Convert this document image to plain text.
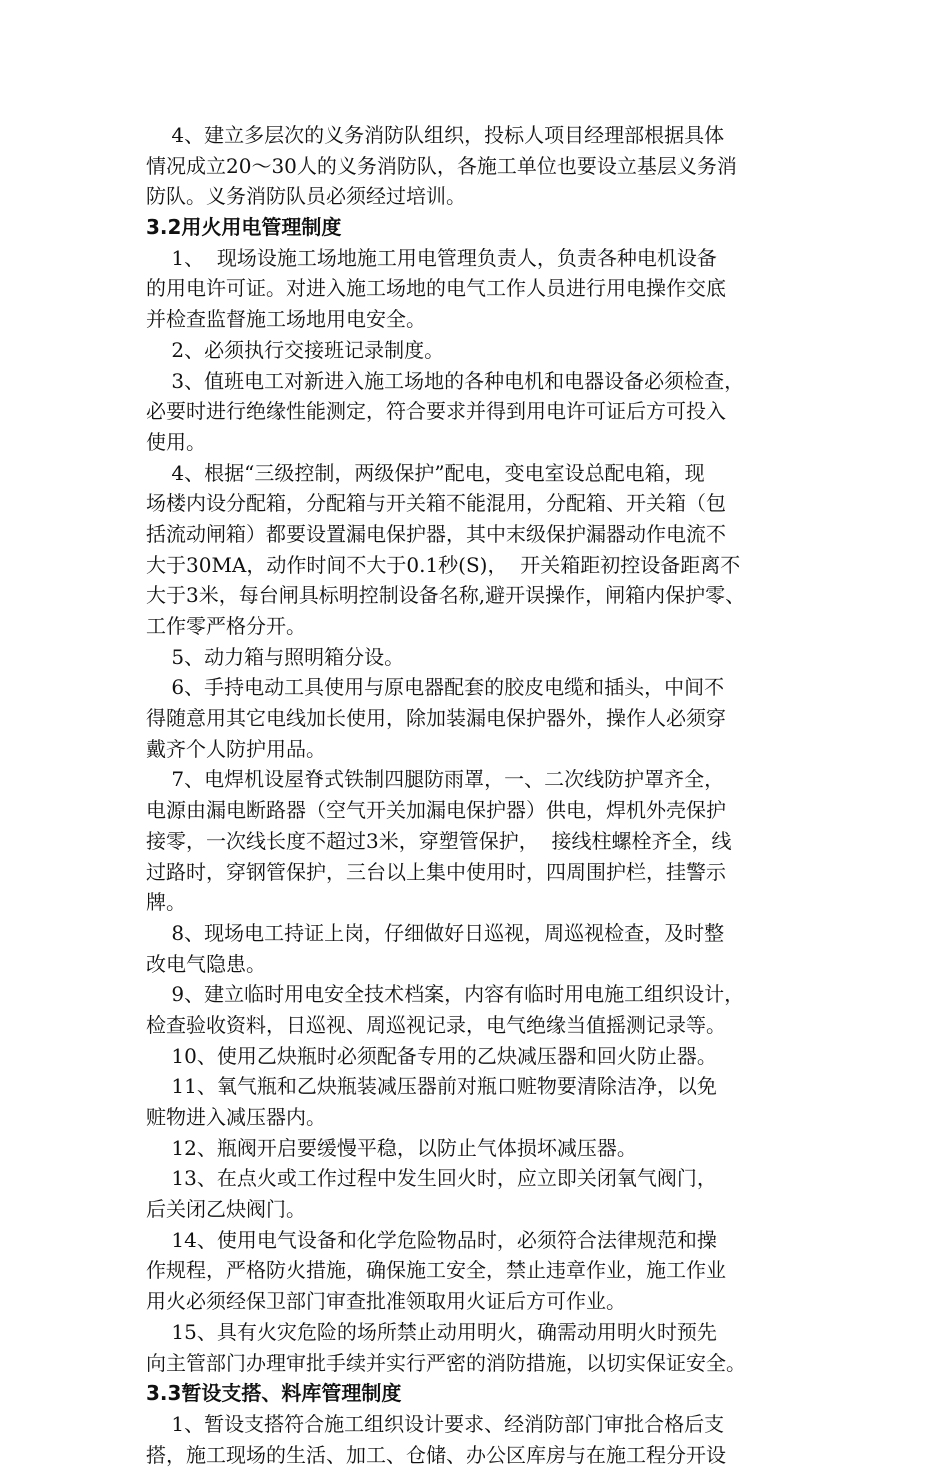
4、建立多层次的义务消防队组织，投标人项目经理部根据具体
情况成立20～30人的义务消防队，各施工单位也要设立基层义务消
防队。义务消防队员必须经过培训。
3.2用火用电管理制度
1、  现场设施工场地施工用电管理负责人，负责各种电机设备
的用电许可证。对进入施工场地的电气工作人员进行用电操作交底
并检查监督施工场地用电安全。
2、必须执行交接班记录制度。
3、值班电工对新进入施工场地的各种电机和电器设备必须检查，
必要时进行绝缘性能测定，符合要求并得到用电许可证后方可投入
使用。
4、根据“三级控制，两级保护”配电，变电室设总配电箱，现
场楼内设分配箱，分配箱与开关箱不能混用，分配箱、开关箱（包
括流动闸箱）都要设置漏电保护器，其中末级保护漏器动作电流不
大于30MA，动作时间不大于0.1秒(S)，  开关箱距初控设备距离不
大于3米，每台闸具标明控制设备名称,避开误操作，闸箱内保护零、
工作零严格分开。
5、动力箱与照明箱分设。
6、手持电动工具使用与原电器配套的胶皮电缆和插头，中间不
得随意用其它电线加长使用，除加装漏电保护器外，操作人必须穿
戴齐个人防护用品。
7、电焊机设屋脊式铁制四腿防雨罩，一、二次线防护罩齐全，
电源由漏电断路器（空气开关加漏电保护器）供电，焊机外壳保护
接零，一次线长度不超过3米，穿塑管保护，  接线柱螺栓齐全，线
过路时，穿钢管保护，三台以上集中使用时，四周围护栏，挂警示
牌。
8、现场电工持证上岗，仔细做好日巡视，周巡视检查，及时整
改电气隐患。
9、建立临时用电安全技术档案，内容有临时用电施工组织设计，
检查验收资料，日巡视、周巡视记录，电气绝缘当值摇测记录等。
10、使用乙炔瓶时必须配备专用的乙炔减压器和回火防止器。
11、氧气瓶和乙炔瓶装减压器前对瓶口赃物要清除洁净，以免
赃物进入减压器内。
12、瓶阀开启要缓慢平稳，以防止气体损坏减压器。
13、在点火或工作过程中发生回火时，应立即关闭氧气阀门，
后关闭乙炔阀门。
14、使用电气设备和化学危险物品时，必须符合法律规范和操
作规程，严格防火措施，确保施工安全，禁止违章作业，施工作业
用火必须经保卫部门审查批准领取用火证后方可作业。
15、具有火灾危险的场所禁止动用明火，确需动用明火时预先
向主管部门办理审批手续并实行严密的消防措施，以切实保证安全。
3.3暂设支搭、料库管理制度
1、暂设支搭符合施工组织设计要求、经消防部门审批合格后支
搭，施工现场的生活、加工、仓储、办公区库房与在施工程分开设
